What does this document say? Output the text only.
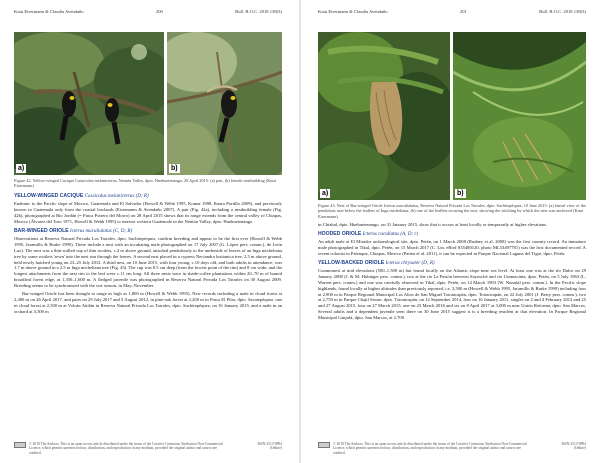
Knut Eisermann & Claudia Avendaño	200	Bull. B.O.C. 2018 138(3)
a)	b)
Figure 42. Yellow-winged Cacique Cassiculus melanicterus, Nentón Valley, dpto. Huehuetenango, 28 April 2015: (a) pair, (b) female nestbuilding (Knut Eisermann)
YELLOW-WINGED CACIQUE Cassiculus melanicterus (D; R)

Endemic to the Pacific slope of Mexico, Guatemala and El Salvador (Howell & Webb 1995, Komar 1998, Ibarra Portillo 2009), and previously known in Guatemala only from the coastal lowlands (Eisermann & Avendaño 2007). A pair (Fig. 42a), including a nestbuilding female (Fig. 42b), photographed at Rio Jordán (= Finca Potrero del Morro) on 28 April 2015 shows that its range extends from the central valley of Chiapas, Mexico (Álvarez del Toro 1971, Howell & Webb 1995) to interior western Guatemala in the Nentón Valley, dpto. Huehuetenango.

BAR-WINGED ORIOLE Icterus maculialatus (C, D; R)

Observations at Reserva Natural Privada Los Tarrales, dpto. Suchitepéquez, confirm breeding and appear to be the first ever (Howell & Webb 1995, Jaramillo & Burke 1999). These include a nest with an incubating male photographed on 17 July 2007 (G. López pers. comm.), de León Lux). The nest was a thin-walled cup of thin rootlets, c.2 m above ground, attached pendulously to the underside of leaves of an Inga micheliana tree by some rootlets 'sewn' into the nest rim through the leaves. A second nest placed in a cypress Nectandra lusitanica tree, 2.5 m above ground, held newly hatched young on 23–25 July 2012. A third nest, on 10 June 2015, with four young, c.10 days old, and both adults in attendance, was 1.7 m above ground in a 2.5 m Inga micheliana tree (Fig. 43). The cup was 8.5 cm deep (from the lowest point of the rim) and 8 cm wide; and the longest attachments from the nest rim to the leaf were c.11 cm long. All three nests were in shade-coffee plantations within 20–70 m of humid broadleaf forest edge, at 1,350–1,600 m. A fledged juvenile was photographed in Reserva Natural Privada Los Tarrales on 30 August 2009. Breeding seems to be synchronised with the wet season, in May–November.

Bar-winged Oriole has been thought to range as high as 1,800 m (Howell & Webb 1995). New records including a male in cloud forest at 2,400 m on 26 April 2017, and pairs on 29 July 2017 and 5 August 2012, in pine-oak forest at 2,200 m in Finca El Pilar, dpto. Sacatepéquez, one in cloud forest at 2,500 m at Volcán Atitlán in Reserva Natural Privada Los Tarrales, dpto. Suchitepéquez, on 16 January 2015, and a male in an orchard at 3,300 m

© 2018 The Authors; This is an open-access article distributed under the terms of the Creative Commons Attribution Non-Commercial Licence, which permits unrestricted use, distribution, and reproduction in any medium, provided the original author and source are credited.
ISSN-2513-9894
(Online)
Knut Eisermann & Claudia Avendaño	201	Bull. B.O.C. 2018 138(3)
a)	b)
Figure 43. Nest of Bar-winged Oriole Icterus maculialatus, Reserva Natural Privada Los Tarrales, dpto. Suchitepéquez, 10 June 2015: (a) lateral view of the pendulous nest below the leaflets of Inga micheliana; (b) one of the leaflets securing the nest, showing the stitching by which the nest was anchored (Knut Eisermann)

in Chiabal, dpto. Huehuetenango, on 31 January 2015, show that it occurs at least locally or temporarily at higher elevations.

HOODED ORIOLE Icterus cucullatus (A, D; r)

An adult male at El Mirador archaeological site, dpto. Petén, on 1 March 2008 (Rudney et al. 2008) was the first country record. An immature male photographed in Tikal, dpto. Petén, on 13 March 2017 (C. Lin, eBird S35480120, photo ML53497781) was the first documented record. A recent colonist in Palenque, Chiapas, Mexico (Patten et al. 2011), it can be expected in Parque Nacional Laguna del Tigre, dpto. Petén.

YELLOW-BACKED ORIOLE Icterus chrysater (D; R)

Commonest at mid elevations (500–1,500 m) but found locally on the Atlantic slope near sea level. At least one was at the río Dulce on 29 January 2008 (J. & M. Hubinger pers. comm.), two at the río La Pasión between Sayaxché and río Usumacinta, dpto. Petén, on 5 July 1963 (L. Warren pers. comm.) and one was carefully observed in Tikal, dpto. Petén, on 14 March 1993 (W. Nezadal pers. comm.). In the Pacific slope highlands, found locally at higher altitudes than previously reported, i.e. 2,500 m (Howell & Webb 1995, Jaramillo & Burke 1999) including four at 2,900 m in Parque Regional Municipal Los Altos de San Miguel Totonicapán, dpto. Totonicapán, on 22 July 2001 (J. Berry pers. comm.), two at 2,750 m in Parque Chajil Siwan, dpto. Totonicapán, on 12 September 2014, four on 16 January 2011, singles on 2 and 4 February 2012 and 25 and 27 August 2015, four on 27 March 2015, one on 23 March 2016 and six on 8 April 2017 at 3,000 m near Unión Reforma, dpto. San Marcos. Several adults and a dependent juvenile seen there on 30 June 2015 suggest it is a breeding resident at that elevation. In Parque Regional Municipal Canjulá, dpto. San Marcos, at 2,700

© 2018 The Authors; This is an open-access article distributed under the terms of the Creative Commons Attribution Non-Commercial Licence, which permits unrestricted use, distribution, and reproduction in any medium, provided the original author and source are credited.
ISSN-2513-9894
(Online)
